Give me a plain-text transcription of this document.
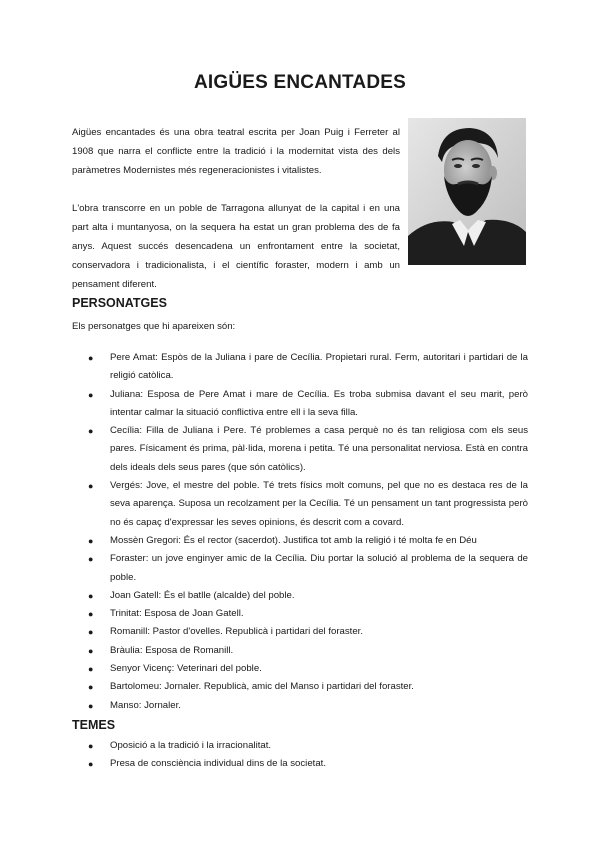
AIGÜES ENCANTADES

Aigües encantades és una obra teatral escrita per Joan Puig i Ferreter al 1908 que narra el conflicte entre la tradició i la modernitat vista des dels paràmetres Modernistes més regeneracionistes i vitalistes.

L'obra transcorre en un poble de Tarragona allunyat de la capital i en una part alta i muntanyosa, on la sequera ha estat un gran problema des de fa anys. Aquest succés desencadena un enfrontament entre la societat, conservadora i tradicionalista, i el científic foraster, modern i amb un pensament diferent.

PERSONATGES
Els personatges que hi apareixen són:
● Pere Amat: Espòs de la Juliana i pare de Cecília. Propietari rural. Ferm, autoritari i partidari de la religió catòlica.
● Juliana: Esposa de Pere Amat i mare de Cecília. Es troba submisa davant el seu marit, però intentar calmar la situació conflictiva entre ell i la seva filla.
● Cecília: Filla de Juliana i Pere. Té problemes a casa perquè no és tan religiosa com els seus pares. Físicament és prima, pàl·lida, morena i petita. Té una personalitat nerviosa. Està en contra dels ideals dels seus pares (que són catòlics).
● Vergés: Jove, el mestre del poble. Té trets físics molt comuns, pel que no es destaca res de la seva aparença. Suposa un recolzament per la Cecília. Té un pensament un tant progressista però no és capaç d'expressar les seves opinions, és descrit com a covard.
● Mossèn Gregori: És el rector (sacerdot). Justifica tot amb la religió i té molta fe en Déu
● Foraster: un jove enginyer amic de la Cecília. Diu portar la solució al problema de la sequera de poble.
● Joan Gatell: És el batlle (alcalde) del poble.
● Trinitat: Esposa de Joan Gatell.
● Romanill: Pastor d'ovelles. Republicà i partidari del foraster.
● Bràulia: Esposa de Romanill.
● Senyor Vicenç: Veterinari del poble.
● Bartolomeu: Jornaler. Republicà, amic del Manso i partidari del foraster.
● Manso: Jornaler.
TEMES
● Oposició a la tradició i la irracionalitat.
● Presa de consciència individual dins de la societat.
